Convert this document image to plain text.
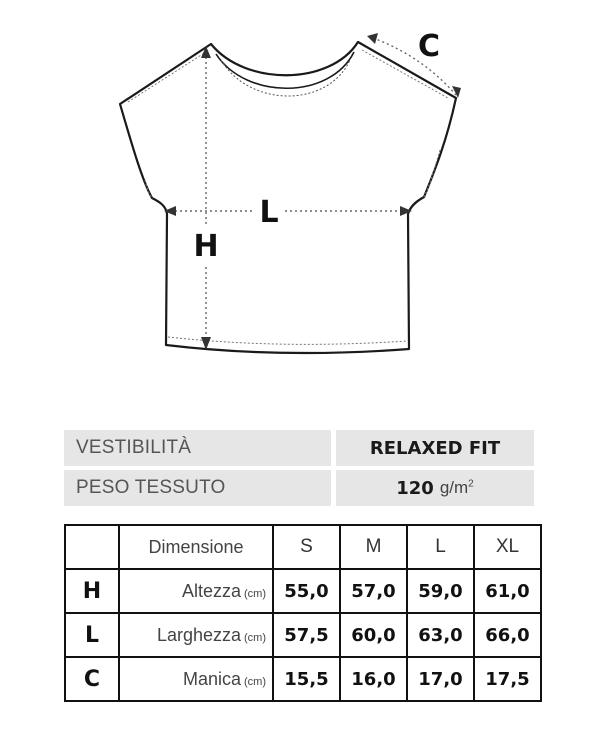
H
L
C
VESTIBILITÀ	RELAXED FIT
PESO TESSUTO	120 $g/m^2$
	Dimensione	S	M	L	XL
H	Altezza (cm)	55,0	57,0	59,0	61,0
L	Larghezza (cm)	57,5	60,0	63,0	66,0
C	Manica (cm)	15,5	16,0	17,0	17,5
